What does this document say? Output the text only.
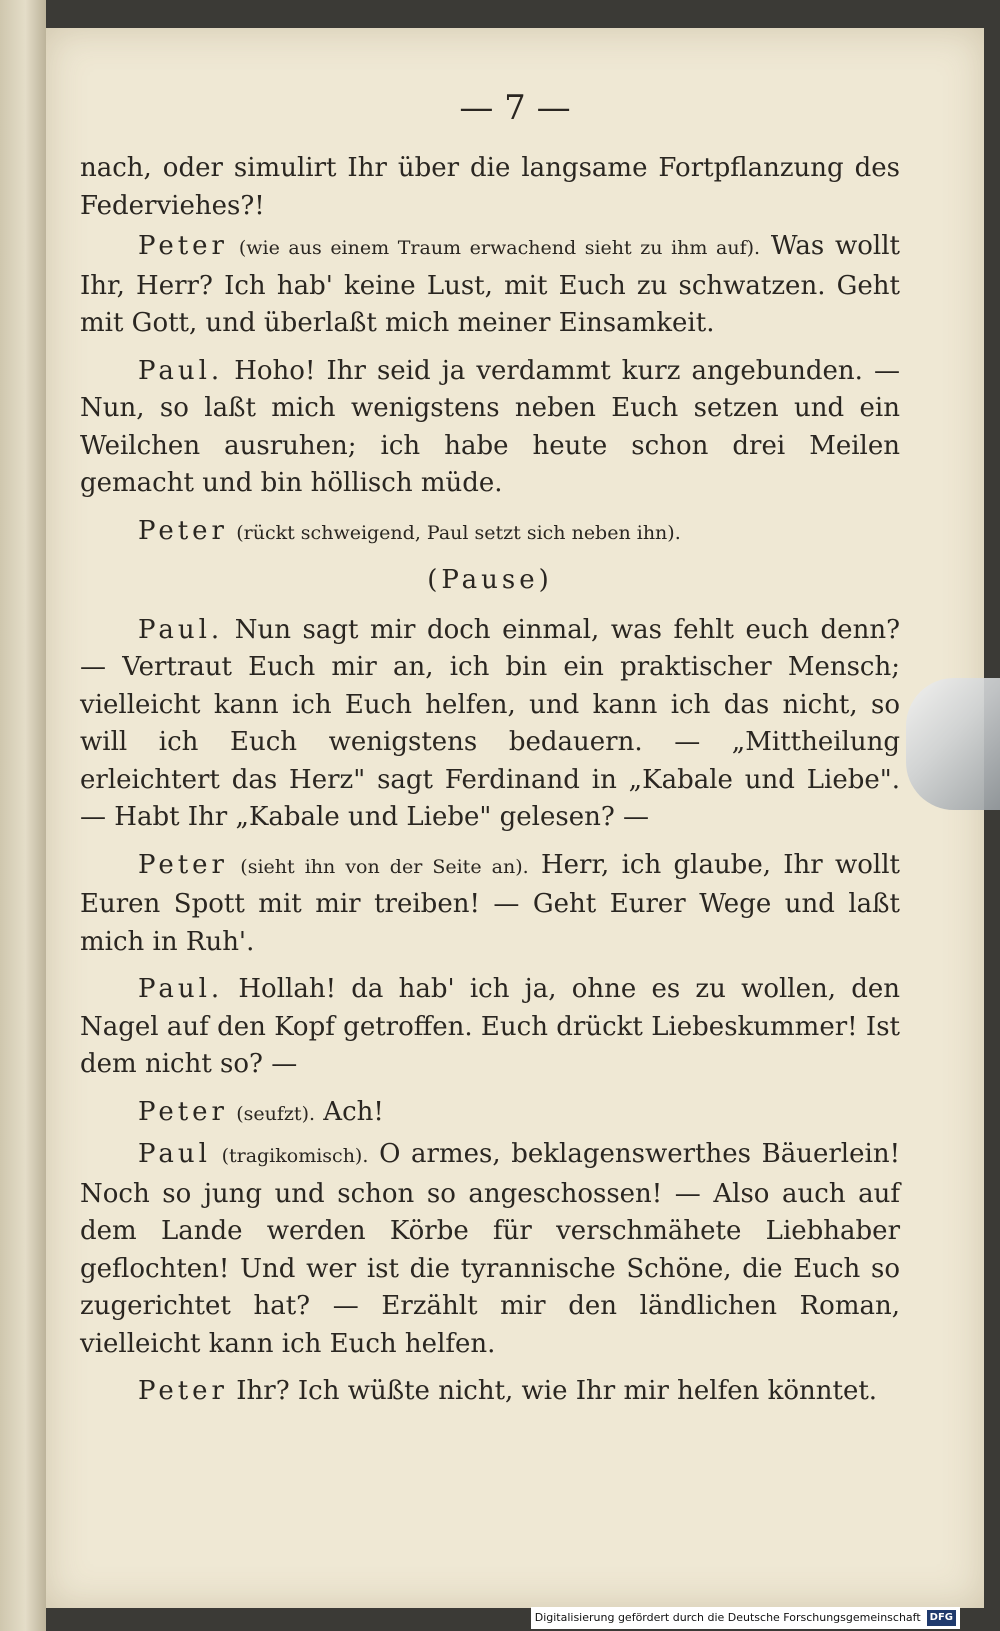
— 7 —

nach, oder simulirt Ihr über die langsame Fortpflanzung des Federviehes?!

Peter (wie aus einem Traum erwachend sieht zu ihm auf). Was wollt Ihr, Herr? Ich hab' keine Lust, mit Euch zu schwatzen. Geht mit Gott, und überlaßt mich meiner Einsamkeit.

Paul. Hoho! Ihr seid ja verdammt kurz angebunden. — Nun, so laßt mich wenigstens neben Euch setzen und ein Weilchen ausruhen; ich habe heute schon drei Meilen gemacht und bin höllisch müde.

Peter (rückt schweigend, Paul setzt sich neben ihn).

(Pause)

Paul. Nun sagt mir doch einmal, was fehlt euch denn? — Vertraut Euch mir an, ich bin ein praktischer Mensch; vielleicht kann ich Euch helfen, und kann ich das nicht, so will ich Euch wenigstens bedauern. — „Mittheilung erleichtert das Herz" sagt Ferdinand in „Kabale und Liebe". — Habt Ihr „Kabale und Liebe" gelesen? —

Peter (sieht ihn von der Seite an). Herr, ich glaube, Ihr wollt Euren Spott mit mir treiben! — Geht Eurer Wege und laßt mich in Ruh'.

Paul. Hollah! da hab' ich ja, ohne es zu wollen, den Nagel auf den Kopf getroffen. Euch drückt Liebeskummer! Ist dem nicht so? —

Peter (seufzt). Ach!

Paul (tragikomisch). O armes, beklagenswerthes Bäuerlein! Noch so jung und schon so angeschossen! — Also auch auf dem Lande werden Körbe für verschmähete Liebhaber geflochten! Und wer ist die tyrannische Schöne, die Euch so zugerichtet hat? — Erzählt mir den ländlichen Roman, vielleicht kann ich Euch helfen.

Peter Ihr? Ich wüßte nicht, wie Ihr mir helfen könntet.

Digitalisierung gefördert durch die Deutsche Forschungsgemeinschaft DFG
